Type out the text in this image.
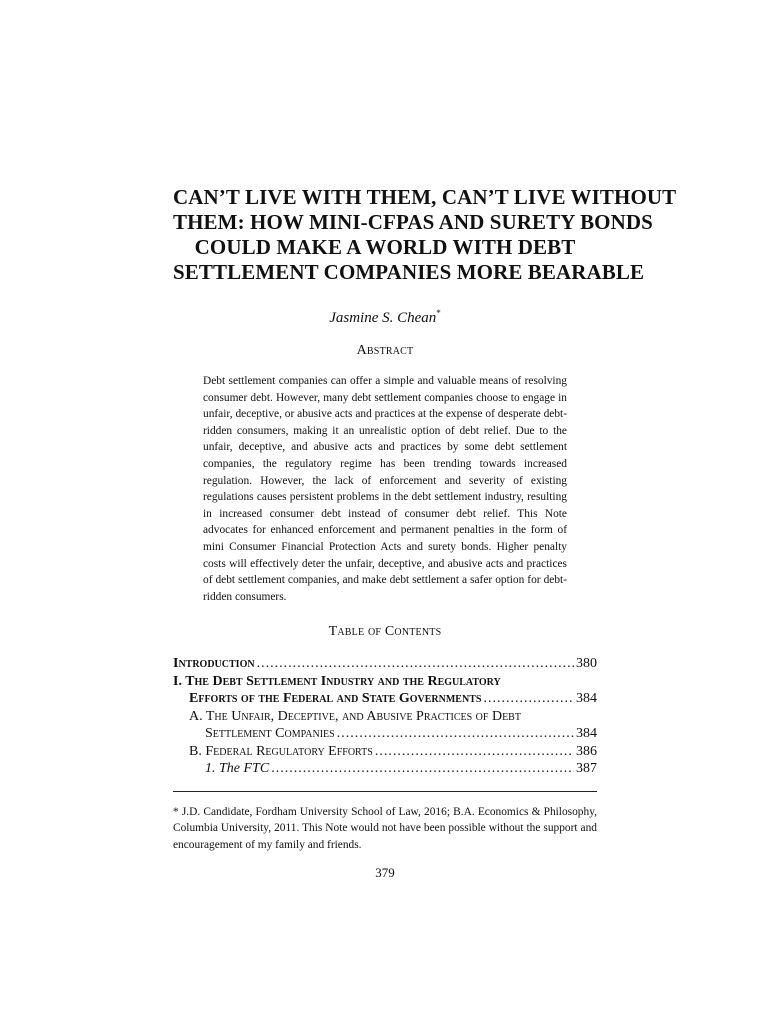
CAN’T LIVE WITH THEM, CAN’T LIVE WITHOUT
THEM: HOW MINI-CFPAS AND SURETY BONDS
COULD MAKE A WORLD WITH DEBT
SETTLEMENT COMPANIES MORE BEARABLE
Jasmine S. Chean*
Abstract

Debt settlement companies can offer a simple and valuable means of resolving consumer debt. However, many debt settlement companies choose to engage in unfair, deceptive, or abusive acts and practices at the expense of desperate debt-ridden consumers, making it an unrealistic option of debt relief. Due to the unfair, deceptive, and abusive acts and practices by some debt settlement companies, the regulatory regime has been trending towards increased regulation. However, the lack of enforcement and severity of existing regulations causes persistent problems in the debt settlement industry, resulting in increased consumer debt instead of consumer debt relief. This Note advocates for enhanced enforcement and permanent penalties in the form of mini Consumer Financial Protection Acts and surety bonds. Higher penalty costs will effectively deter the unfair, deceptive, and abusive acts and practices of debt settlement companies, and make debt settlement a safer option for debt-ridden consumers.

Table of Contents
Introduction .....	380
I. The Debt Settlement Industry and the Regulatory
Efforts of the Federal and State Governments .....	384
A. The Unfair, Deceptive, and Abusive Practices of Debt
Settlement Companies .....	384
B. Federal Regulatory Efforts .....	386
1. The FTC .....	387

* J.D. Candidate, Fordham University School of Law, 2016; B.A. Economics & Philosophy, Columbia University, 2011. This Note would not have been possible without the support and encouragement of my family and friends.

379
